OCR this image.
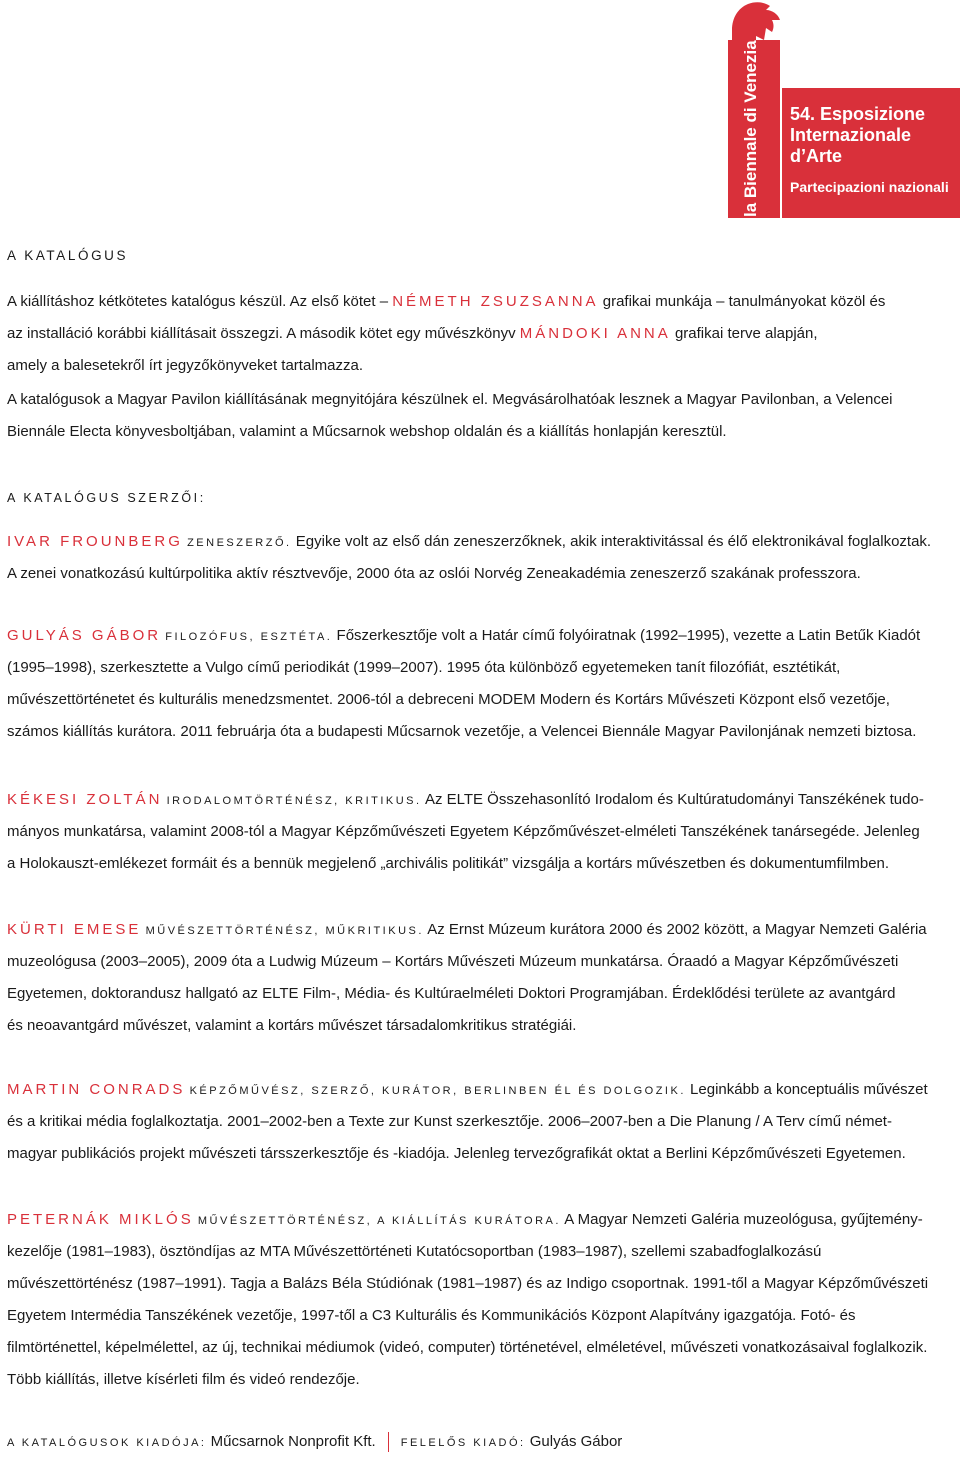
la Biennale di Venezia	54. Esposizione
Internazionale
d’Arte
Partecipazioni nazionali
A KATALÓGUS
A kiállításhoz kétkötetes katalógus készül. Az első kötet – NÉMETH ZSUZSANNA grafikai munkája – tanulmányokat közöl és
az installáció korábbi kiállításait összegzi. A második kötet egy művészkönyv MÁNDOKI ANNA grafikai terve alapján,
amely a balesetekről írt jegyzőkönyveket tartalmazza.
A katalógusok a Magyar Pavilon kiállításának megnyitójára készülnek el. Megvásárolhatóak lesznek a Magyar Pavilonban, a Velencei
Biennále Electa könyvesboltjában, valamint a Műcsarnok webshop oldalán és a kiállítás honlapján keresztül.
A KATALÓGUS SZERZŐI:
IVAR FROUNBERG ZENESZERZŐ. Egyike volt az első dán zeneszerzőknek, akik interaktivitással és élő elektronikával foglalkoztak.
A zenei vonatkozású kultúrpolitika aktív résztvevője, 2000 óta az oslói Norvég Zeneakadémia zeneszerző szakának professzora.
GULYÁS GÁBOR FILOZÓFUS, ESZTÉTA. Főszerkesztője volt a Határ című folyóiratnak (1992–1995), vezette a Latin Betűk Kiadót
(1995–1998), szerkesztette a Vulgo című periodikát (1999–2007). 1995 óta különböző egyetemeken tanít filozófiát, esztétikát,
művészettörténetet és kulturális menedzsmentet. 2006-tól a debreceni MODEM Modern és Kortárs Művészeti Központ első vezetője,
számos kiállítás kurátora. 2011 februárja óta a budapesti Műcsarnok vezetője, a Velencei Biennále Magyar Pavilonjának nemzeti biztosa.
KÉKESI ZOLTÁN IRODALOMTÖRTÉNÉSZ, KRITIKUS. Az ELTE Összehasonlító Irodalom és Kultúratudományi Tanszékének tudo-
mányos munkatársa, valamint 2008-tól a Magyar Képzőművészeti Egyetem Képzőművészet-elméleti Tanszékének tanársegéde. Jelenleg
a Holokauszt-emlékezet formáit és a bennük megjelenő „archivális politikát” vizsgálja a kortárs művészetben és dokumentumfilmben.
KÜRTI EMESE MŰVÉSZETTÖRTÉNÉSZ, MŰKRITIKUS. Az Ernst Múzeum kurátora 2000 és 2002 között, a Magyar Nemzeti Galéria
muzeológusa (2003–2005), 2009 óta a Ludwig Múzeum – Kortárs Művészeti Múzeum munkatársa. Óraadó a Magyar Képzőművészeti
Egyetemen, doktorandusz hallgató az ELTE Film-, Média- és Kultúraelméleti Doktori Programjában. Érdeklődési területe az avantgárd
és neoavantgárd művészet, valamint a kortárs művészet társadalomkritikus stratégiái.
MARTIN CONRADS KÉPZŐMŰVÉSZ, SZERZŐ, KURÁTOR, BERLINBEN ÉL ÉS DOLGOZIK. Leginkább a konceptuális művészet
és a kritikai média foglalkoztatja. 2001–2002-ben a Texte zur Kunst szerkesztője. 2006–2007-ben a Die Planung / A Terv című német-
magyar publikációs projekt művészeti társszerkesztője és -kiadója. Jelenleg tervezőgrafikát oktat a Berlini Képzőművészeti Egyetemen.
PETERNÁK MIKLÓS MŰVÉSZETTÖRTÉNÉSZ, A KIÁLLÍTÁS KURÁTORA. A Magyar Nemzeti Galéria muzeológusa, gyűjtemény-
kezelője (1981–1983), ösztöndíjas az MTA Művészettörténeti Kutatócsoportban (1983–1987), szellemi szabadfoglalkozású
művészettörténész (1987–1991). Tagja a Balázs Béla Stúdiónak (1981–1987) és az Indigo csoportnak. 1991-től a Magyar Képzőművészeti
Egyetem Intermédia Tanszékének vezetője, 1997-től a C3 Kulturális és Kommunikációs Központ Alapítvány igazgatója. Fotó- és
filmtörténettel, képelmélettel, az új, technikai médiumok (videó, computer) történetével, elméletével, művészeti vonatkozásaival foglalkozik.
Több kiállítás, illetve kísérleti film és videó rendezője.
A KATALÓGUSOK KIADÓJA: Műcsarnok Nonprofit Kft. FELELŐS KIADÓ: Gulyás Gábor
